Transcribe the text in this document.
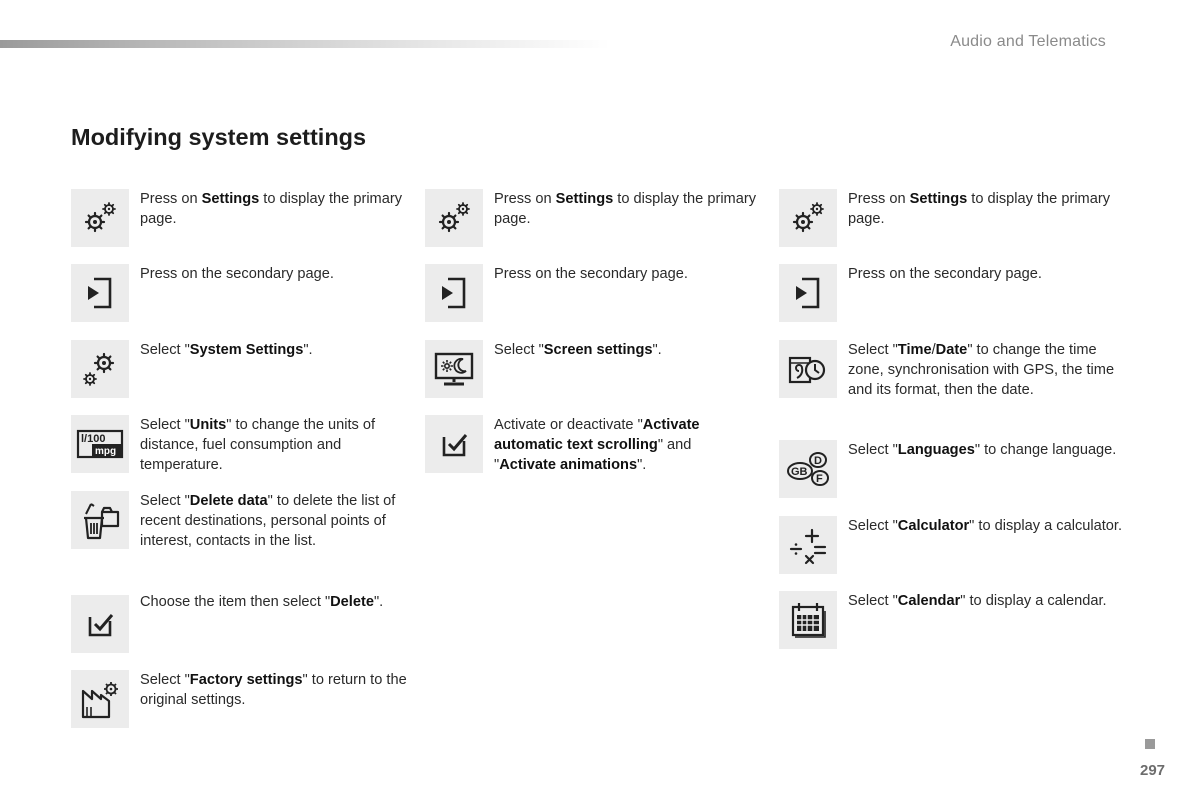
Audio and Telematics
Modifying system settings
Press on Settings to display the primary page.
Press on the secondary page.
Select "System Settings".
l/100
mpg
Select "Units" to change the units of distance, fuel consumption and temperature.
Select "Delete data" to delete the list of recent destinations, personal points of interest, contacts in the list.
Choose the item then select "Delete".
Select "Factory settings" to return to the original settings.
Press on Settings to display the primary page.
Press on the secondary page.
Select "Screen settings".
Activate or deactivate "Activate automatic text scrolling" and "Activate animations".
Press on Settings to display the primary page.
Press on the secondary page.
Select "Time/Date" to change the time zone, synchronisation with GPS, the time and its format, then the date.
D
GB
F
Select "Languages" to change language.
Select "Calculator" to display a calculator.
Select "Calendar" to display a calendar.
297
